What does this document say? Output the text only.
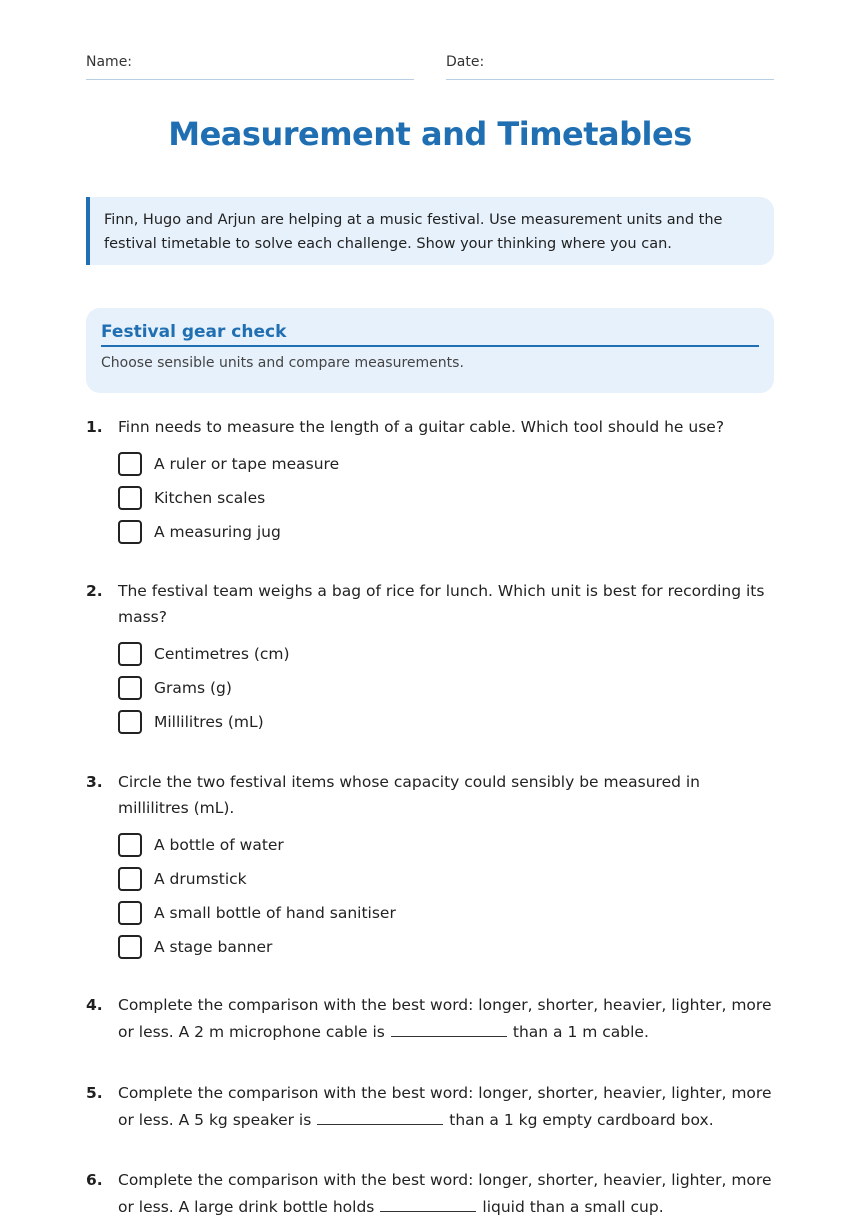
Name:	Date:
Measurement and Timetables
Finn, Hugo and Arjun are helping at a music festival. Use measurement units and the festival timetable to solve each challenge. Show your thinking where you can.
Festival gear check
Choose sensible units and compare measurements.
1. Finn needs to measure the length of a guitar cable. Which tool should he use?
A ruler or tape measure
Kitchen scales
A measuring jug
2. The festival team weighs a bag of rice for lunch. Which unit is best for recording its mass?
Centimetres (cm)
Grams (g)
Millilitres (mL)
3. Circle the two festival items whose capacity could sensibly be measured in millilitres (mL).
A bottle of water
A drumstick
A small bottle of hand sanitiser
A stage banner
4. Complete the comparison with the best word: longer, shorter, heavier, lighter, more or less. A 2 m microphone cable is	than a 1 m cable.
5. Complete the comparison with the best word: longer, shorter, heavier, lighter, more or less. A 5 kg speaker is	than a 1 kg empty cardboard box.
6. Complete the comparison with the best word: longer, shorter, heavier, lighter, more or less. A large drink bottle holds	liquid than a small cup.
